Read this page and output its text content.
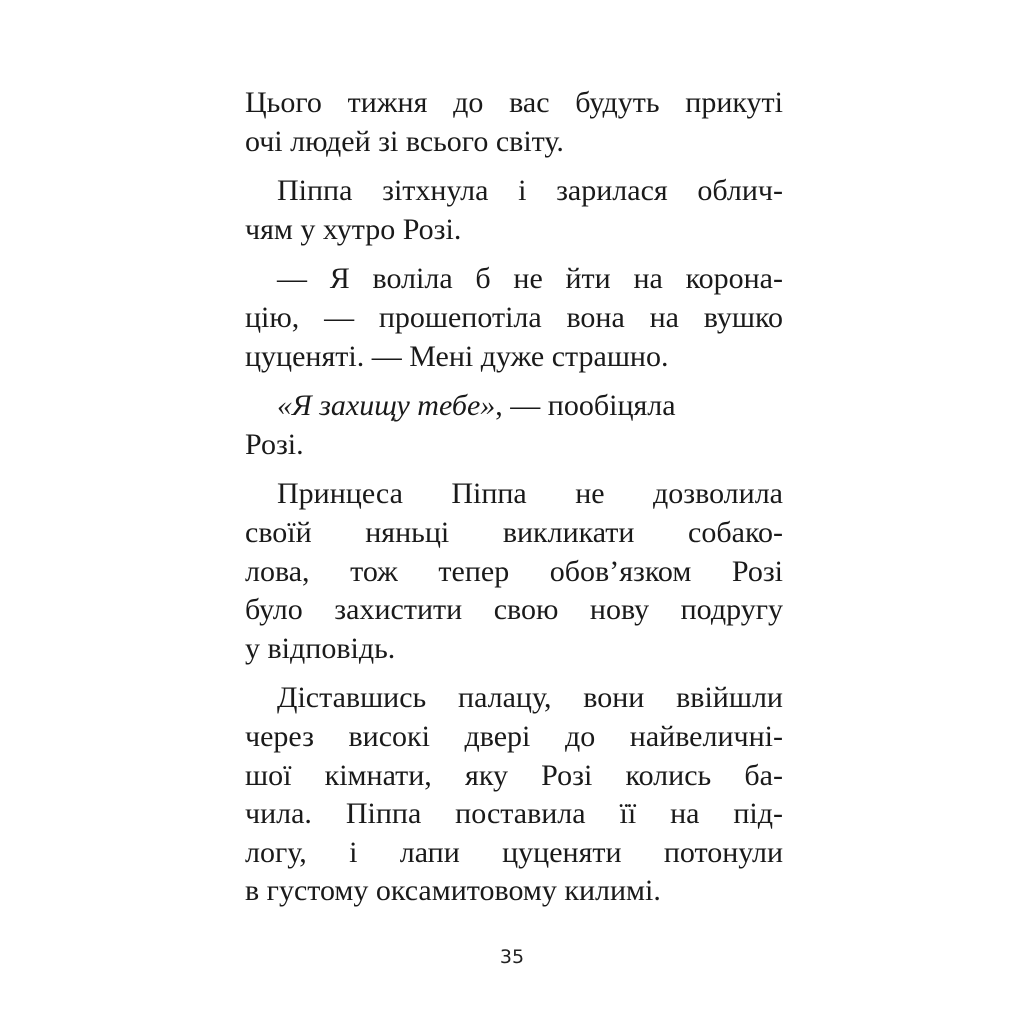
Цього тижня до вас будуть прикуті
очі людей зі всього світу.
Піппа зітхнула і зарилася облич-
чям у хутро Розі.
— Я воліла б не йти на корона-
цію, — прошепотіла вона на вушко
цуценяті. — Мені дуже страшно.
«Я захищу тебе», — пообіцяла
Розі.
Принцеса Піппа не дозволила
своїй няньці викликати собако-
лова, тож тепер обов’язком Розі
було захистити свою нову подругу
у відповідь.
Діставшись палацу, вони ввійшли
через високі двері до найвеличні-
шої кімнати, яку Розі колись ба-
чила. Піппа поставила її на під-
логу, і лапи цуценяти потонули
в густому оксамитовому килимі.
35
